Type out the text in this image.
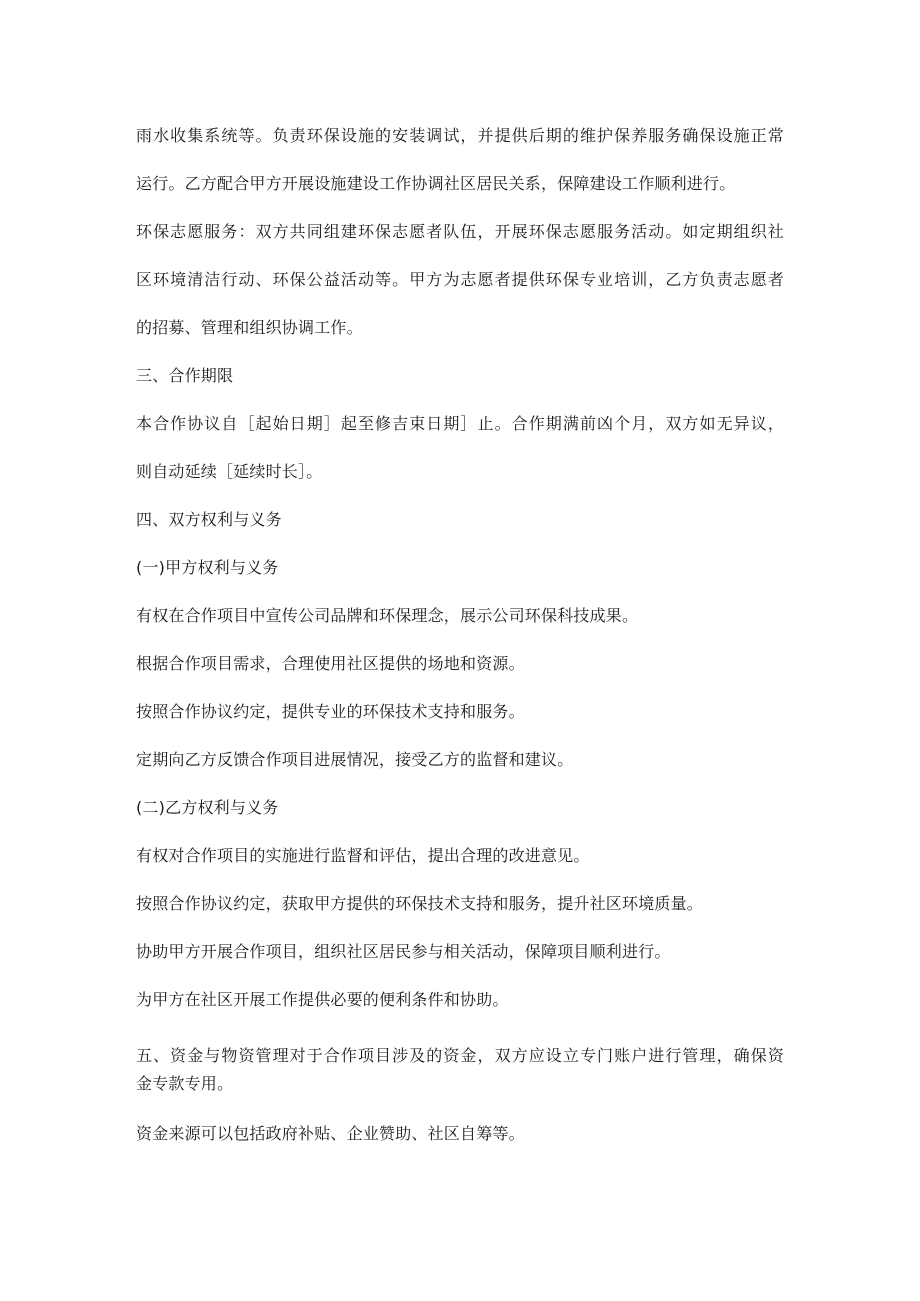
雨水收集系统等。负责环保设施的安装调试，并提供后期的维护保养服务确保设施正常
运行。乙方配合甲方开展设施建设工作协调社区居民关系，保障建设工作顺利进行。
环保志愿服务：双方共同组建环保志愿者队伍，开展环保志愿服务活动。如定期组织社
区环境清洁行动、环保公益活动等。甲方为志愿者提供环保专业培训，乙方负责志愿者
的招募、管理和组织协调工作。
三、合作期限
本合作协议自［起始日期］起至修吉束日期］止。合作期满前凶个月，双方如无异议，
则自动延续［延续时长］。
四、双方权利与义务
(一)甲方权利与义务
有权在合作项目中宣传公司品牌和环保理念，展示公司环保科技成果。
根据合作项目需求，合理使用社区提供的场地和资源。
按照合作协议约定，提供专业的环保技术支持和服务。
定期向乙方反馈合作项目进展情况，接受乙方的监督和建议。
(二)乙方权利与义务
有权对合作项目的实施进行监督和评估，提出合理的改进意见。
按照合作协议约定，获取甲方提供的环保技术支持和服务，提升社区环境质量。
协助甲方开展合作项目，组织社区居民参与相关活动，保障项目顺利进行。
为甲方在社区开展工作提供必要的便利条件和协助。
五、资金与物资管理对于合作项目涉及的资金，双方应设立专门账户进行管理，确保资
金专款专用。
资金来源可以包括政府补贴、企业赞助、社区自筹等。
